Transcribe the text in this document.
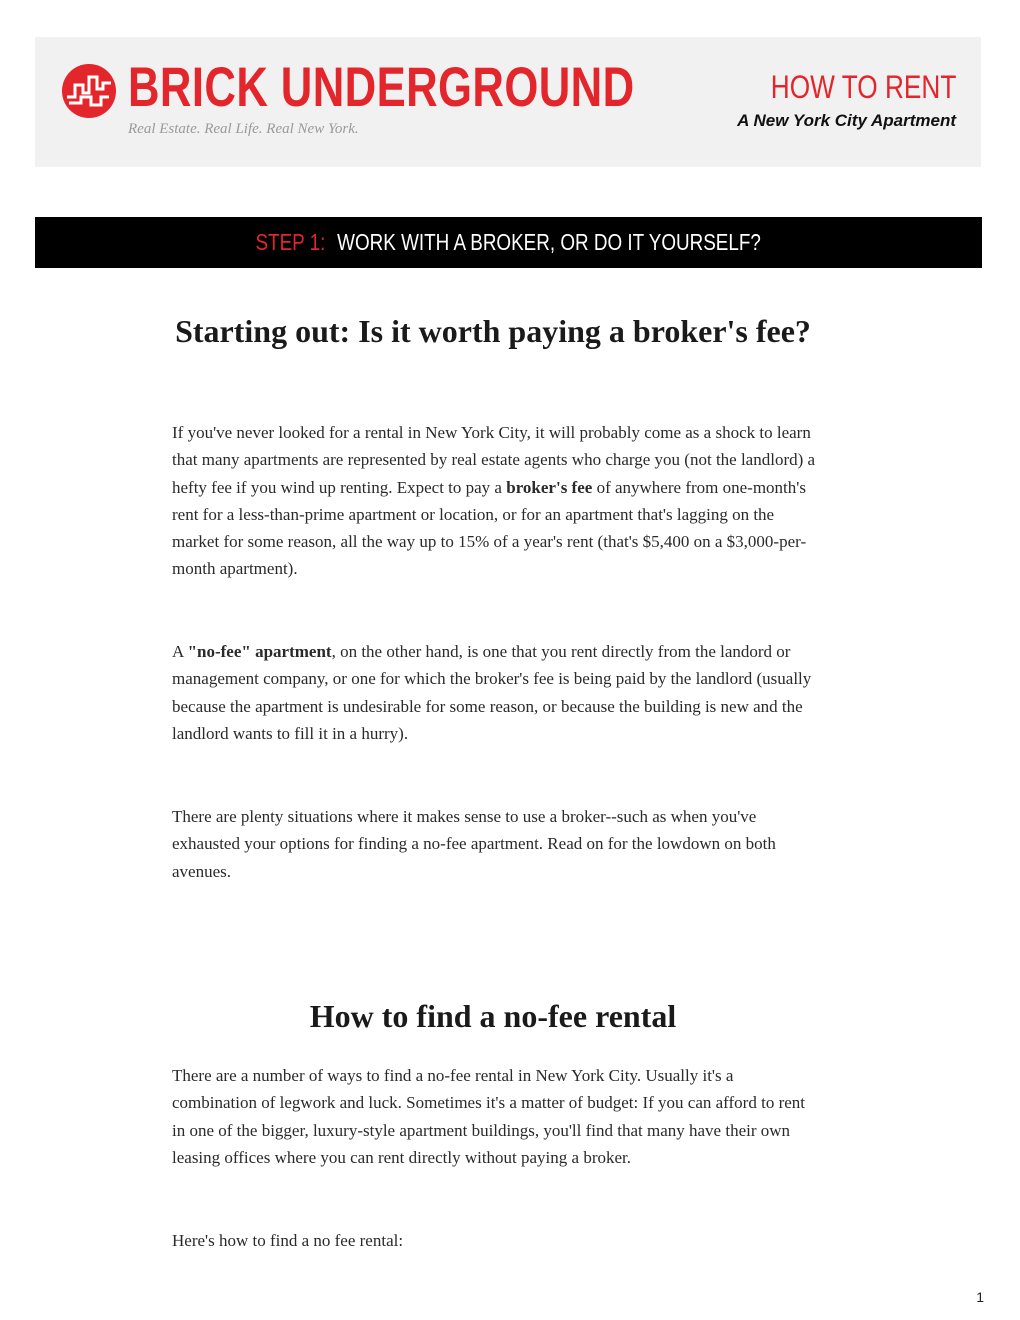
BRICK UNDERGROUND
Real Estate. Real Life. Real New York.
HOW TO RENT
A New York City Apartment
STEP 1: WORK WITH A BROKER, OR DO IT YOURSELF?
Starting out: Is it worth paying a broker's fee?

If you've never looked for a rental in New York City, it will probably come as a shock to learn that many apartments are represented by real estate agents who charge you (not the landlord) a hefty fee if you wind up renting. Expect to pay a broker's fee of anywhere from one-month's rent for a less-than-prime apartment or location, or for an apartment that's lagging on the market for some reason, all the way up to 15% of a year's rent (that's $5,400 on a $3,000-per-month apartment).

A "no-fee" apartment, on the other hand, is one that you rent directly from the landord or management company, or one for which the broker's fee is being paid by the landlord (usually because the apartment is undesirable for some reason, or because the building is new and the landlord wants to fill it in a hurry).

There are plenty situations where it makes sense to use a broker--such as when you've exhausted your options for finding a no-fee apartment. Read on for the lowdown on both avenues.

How to find a no-fee rental

There are a number of ways to find a no-fee rental in New York City. Usually it's a combination of legwork and luck. Sometimes it's a matter of budget: If you can afford to rent in one of the bigger, luxury-style apartment buildings, you'll find that many have their own leasing offices where you can rent directly without paying a broker.

Here's how to find a no fee rental:

1
